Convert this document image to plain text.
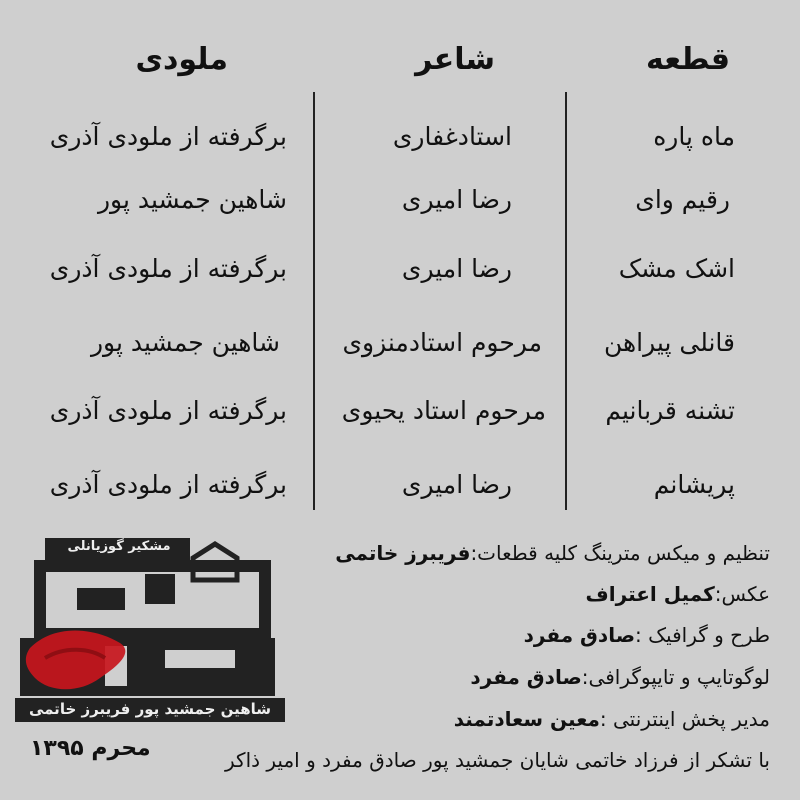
قطعه
شاعر
ملودی
ماه پاره
استادغفاری
برگرفته از ملودی آذری
رقیم وای
رضا امیری
شاهین جمشید پور
اشک مشک
رضا امیری
برگرفته از ملودی آذری
قانلی پیراهن
مرحوم استادمنزوی
شاهین جمشید پور
تشنه قربانیم
مرحوم استاد یحیوی
برگرفته از ملودی آذری
پریشانم
رضا امیری
برگرفته از ملودی آذری
تنظیم و میکس مترینگ کلیه قطعات:فریبرز خاتمی
عکس:کمیل اعتراف
طرح و گرافیک :صادق مفرد
لوگوتایپ و تایپوگرافی:صادق مفرد
مدیر پخش اینترنتی :معین سعادتمند
با تشکر از فرزاد خاتمی شایان جمشید پور صادق مفرد و امیر ذاکر
مشکیر گوزیانلی
شاهین جمشید پور فریبرز خاتمی
محرم ۱۳۹۵
